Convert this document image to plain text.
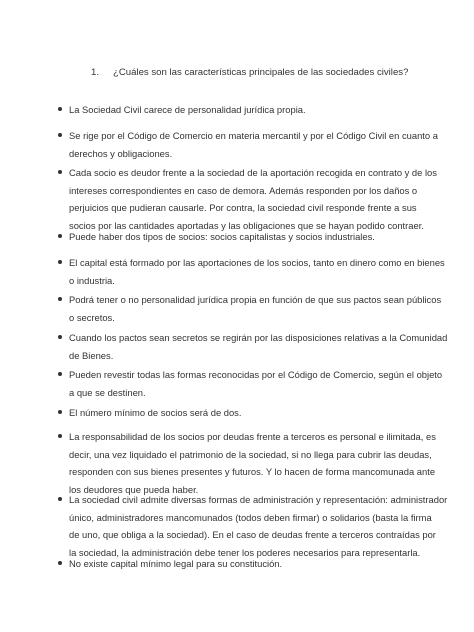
1. ¿Cuáles son las características principales de las sociedades civiles?
La Sociedad Civil carece de personalidad jurídica propia.
Se rige por el Código de Comercio en materia mercantil y por el Código Civil en cuanto a
derechos y obligaciones.
Cada socio es deudor frente a la sociedad de la aportación recogida en contrato y de los
intereses correspondientes en caso de demora. Además responden por los daños o
perjuicios que pudieran causarle. Por contra, la sociedad civil responde frente a sus
socios por las cantidades aportadas y las obligaciones que se hayan podido contraer.
Puede haber dos tipos de socios: socios capitalistas y socios industriales.
El capital está formado por las aportaciones de los socios, tanto en dinero como en bienes
o industria.
Podrá tener o no personalidad jurídica propia en función de que sus pactos sean públicos
o secretos.
Cuando los pactos sean secretos se regirán por las disposiciones relativas a la Comunidad
de Bienes.
Pueden revestir todas las formas reconocidas por el Código de Comercio, según el objeto
a que se destinen.
El número mínimo de socios será de dos.
La responsabilidad de los socios por deudas frente a terceros es personal e ilimitada, es
decir, una vez liquidado el patrimonio de la sociedad, si no llega para cubrir las deudas,
responden con sus bienes presentes y futuros. Y lo hacen de forma mancomunada ante
los deudores que pueda haber.
La sociedad civil admite diversas formas de administración y representación: administrador
único, administradores mancomunados (todos deben firmar) o solidarios (basta la firma
de uno, que obliga a la sociedad). En el caso de deudas frente a terceros contraídas por
la sociedad, la administración debe tener los poderes necesarios para representarla.
No existe capital mínimo legal para su constitución.
